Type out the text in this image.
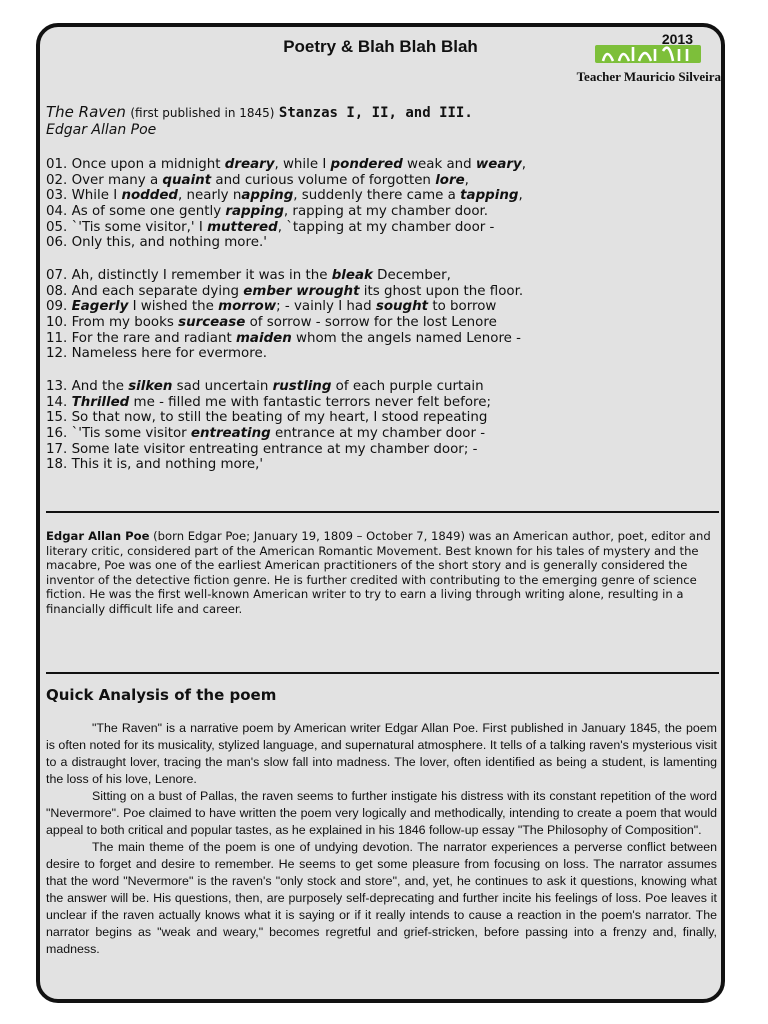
Poetry & Blah Blah Blah	2013
Teacher Mauricio Silveira
The Raven (first published in 1845) Stanzas I, II, and III.
Edgar Allan Poe
01. Once upon a midnight dreary, while I pondered weak and weary,
02. Over many a quaint and curious volume of forgotten lore,
03. While I nodded, nearly napping, suddenly there came a tapping,
04. As of some one gently rapping, rapping at my chamber door.
05. `'Tis some visitor,' I muttered, `tapping at my chamber door -
06. Only this, and nothing more.'
07. Ah, distinctly I remember it was in the bleak December,
08. And each separate dying ember wrought its ghost upon the floor.
09. Eagerly I wished the morrow; - vainly I had sought to borrow
10. From my books surcease of sorrow - sorrow for the lost Lenore
11. For the rare and radiant maiden whom the angels named Lenore -
12. Nameless here for evermore.
13. And the silken sad uncertain rustling of each purple curtain
14. Thrilled me - filled me with fantastic terrors never felt before;
15. So that now, to still the beating of my heart, I stood repeating
16. `'Tis some visitor entreating entrance at my chamber door -
17. Some late visitor entreating entrance at my chamber door; -
18. This it is, and nothing more,'
Edgar Allan Poe (born Edgar Poe; January 19, 1809 – October 7, 1849) was an American author, poet, editor and literary critic, considered part of the American Romantic Movement. Best known for his tales of mystery and the macabre, Poe was one of the earliest American practitioners of the short story and is generally considered the inventor of the detective fiction genre. He is further credited with contributing to the emerging genre of science fiction. He was the first well-known American writer to try to earn a living through writing alone, resulting in a financially difficult life and career.
Quick Analysis of the poem

"The Raven" is a narrative poem by American writer Edgar Allan Poe. First published in January 1845, the poem is often noted for its musicality, stylized language, and supernatural atmosphere. It tells of a talking raven's mysterious visit to a distraught lover, tracing the man's slow fall into madness. The lover, often identified as being a student, is lamenting the loss of his love, Lenore.

Sitting on a bust of Pallas, the raven seems to further instigate his distress with its constant repetition of the word "Nevermore". Poe claimed to have written the poem very logically and methodically, intending to create a poem that would appeal to both critical and popular tastes, as he explained in his 1846 follow-up essay "The Philosophy of Composition".

The main theme of the poem is one of undying devotion. The narrator experiences a perverse conflict between desire to forget and desire to remember. He seems to get some pleasure from focusing on loss. The narrator assumes that the word "Nevermore" is the raven's "only stock and store", and, yet, he continues to ask it questions, knowing what the answer will be. His questions, then, are purposely self-deprecating and further incite his feelings of loss. Poe leaves it unclear if the raven actually knows what it is saying or if it really intends to cause a reaction in the poem's narrator. The narrator begins as "weak and weary," becomes regretful and grief-stricken, before passing into a frenzy and, finally, madness.
